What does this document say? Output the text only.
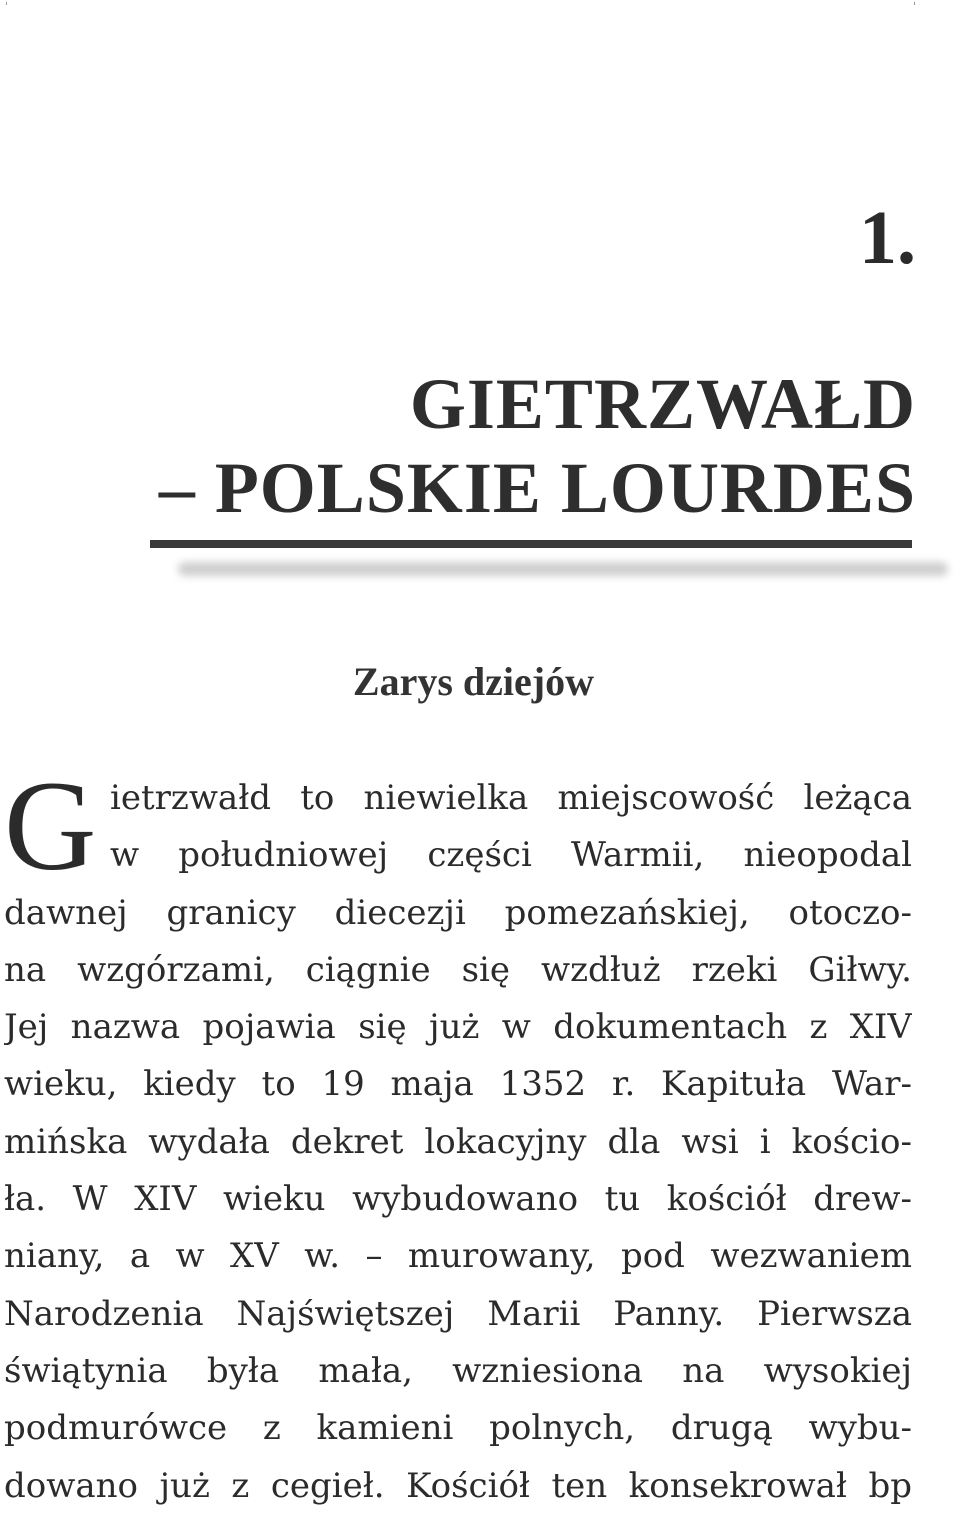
1.
GIETRZWAŁD
– POLSKIE LOURDES
Zarys dziejów
G ietrzwałd to niewielka miejscowość leżąca
w południowej części Warmii, nieopodal
dawnej granicy diecezji pomezańskiej, otoczo-
na wzgórzami, ciągnie się wzdłuż rzeki Giłwy.
Jej nazwa pojawia się już w dokumentach z XIV
wieku, kiedy to 19 maja 1352 r. Kapituła War-
mińska wydała dekret lokacyjny dla wsi i kościo-
ła. W XIV wieku wybudowano tu kościół drew-
niany, a w XV w. – murowany, pod wezwaniem
Narodzenia Najświętszej Marii Panny. Pierwsza
świątynia była mała, wzniesiona na wysokiej
podmurówce z kamieni polnych, drugą wybu-
dowano już z cegieł. Kościół ten konsekrował bp
